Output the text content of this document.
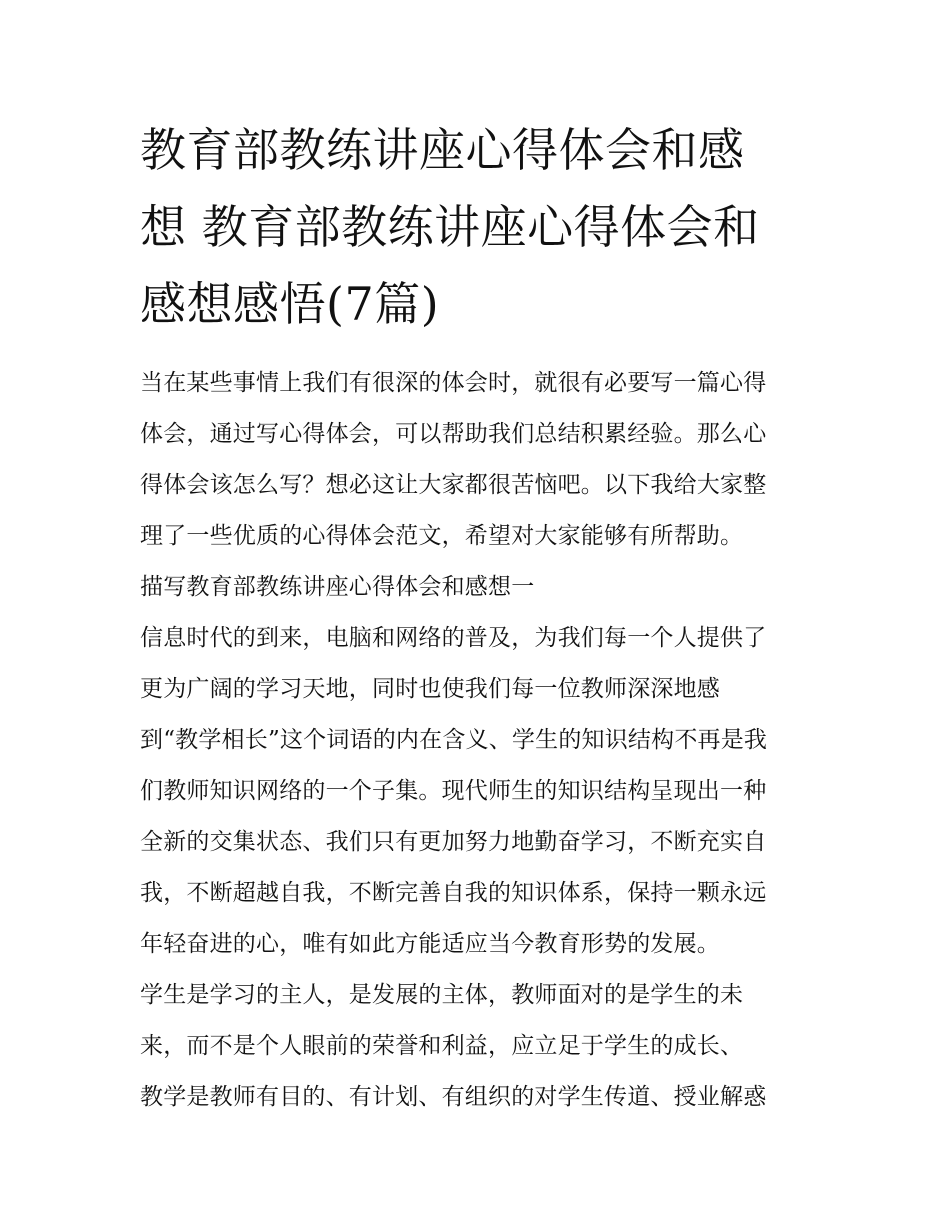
教育部教练讲座心得体会和感
想 教育部教练讲座心得体会和
感想感悟(7篇)
当在某些事情上我们有很深的体会时，就很有必要写一篇心得
体会，通过写心得体会，可以帮助我们总结积累经验。那么心
得体会该怎么写？想必这让大家都很苦恼吧。以下我给大家整
理了一些优质的心得体会范文，希望对大家能够有所帮助。
描写教育部教练讲座心得体会和感想一
信息时代的到来，电脑和网络的普及，为我们每一个人提供了
更为广阔的学习天地，同时也使我们每一位教师深深地感
到“教学相长”这个词语的内在含义、学生的知识结构不再是我
们教师知识网络的一个子集。现代师生的知识结构呈现出一种
全新的交集状态、我们只有更加努力地勤奋学习，不断充实自
我，不断超越自我，不断完善自我的知识体系，保持一颗永远
年轻奋进的心，唯有如此方能适应当今教育形势的发展。
学生是学习的主人，是发展的主体，教师面对的是学生的未
来，而不是个人眼前的荣誉和利益，应立足于学生的成长、
教学是教师有目的、有计划、有组织的对学生传道、授业解惑
